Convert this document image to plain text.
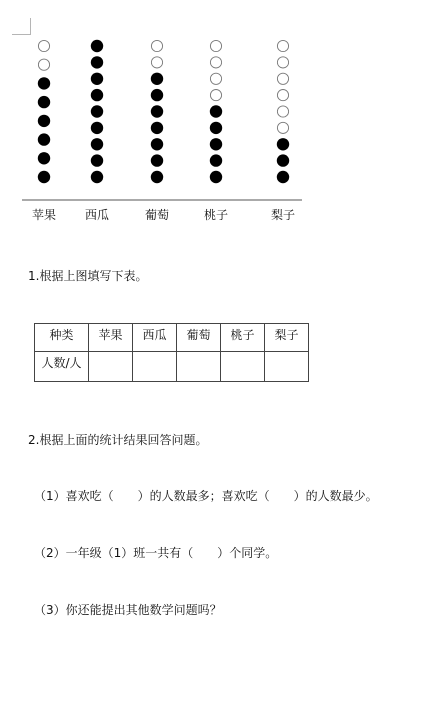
苹果 西瓜	葡萄	桃子	梨子
1.根据上图填写下表。
种类	苹果	西瓜	葡萄	桃子	梨子
人数/人					
2.根据上面的统计结果回答问题。
（1）喜欢吃（　　）的人数最多；喜欢吃（　　）的人数最少。
（2）一年级（1）班一共有（　　）个同学。
（3）你还能提出其他数学问题吗？
